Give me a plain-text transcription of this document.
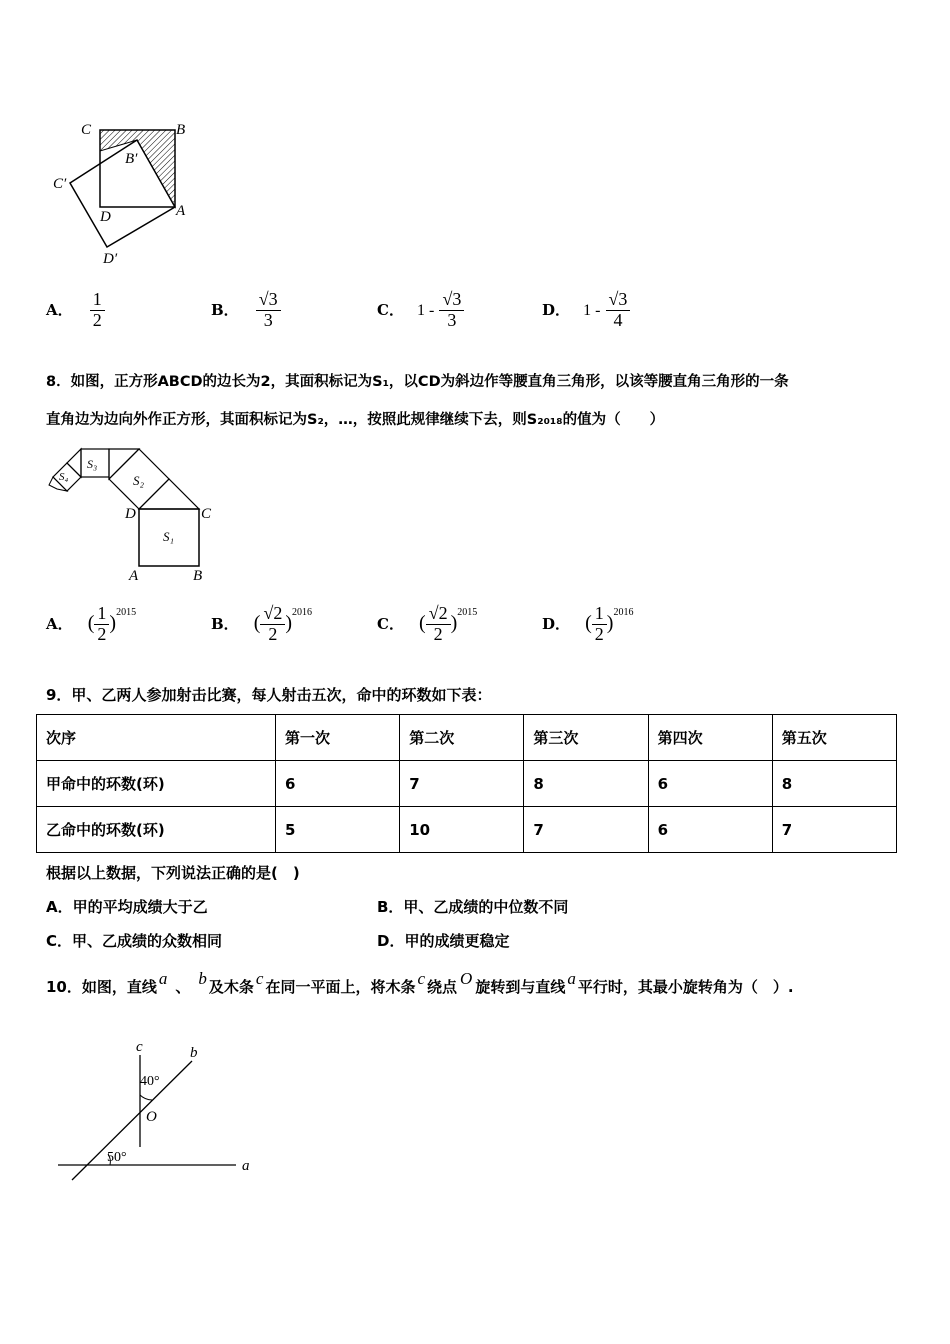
C	B
B′
C′
D	A
D′
A． $\frac{1}{2}$	B． $\frac{√3}{3}$	C． $1 - \frac{√3}{3}$	D． $1 - \frac{√3}{4}$
8．如图，正方形ABCD的边长为2，其面积标记为S₁，以CD为斜边作等腰直角三角形，以该等腰直角三角形的一条
直角边为边向外作正方形，其面积标记为S₂，…，按照此规律继续下去，则S₂₀₁₈的值为（　　）
S₃
S₄	S₂
S₁
D	C
A	B
A． ( $\frac{1}{2} )^{2015}$
B． ( $\frac{√2}{2} )^{2016}$
C． ( $\frac{√2}{2} )^{2015}$
D． ( $\frac{1}{2} )^{2016}$
9．甲、乙两人参加射击比赛，每人射击五次，命中的环数如下表：
次序	第一次	第二次	第三次	第四次	第五次
甲命中的环数(环)	6	7	8	6	8
乙命中的环数(环)	5	10	7	6	7
根据以上数据，下列说法正确的是(　)
A．甲的平均成绩大于乙	B．甲、乙成绩的中位数不同
C．甲、乙成绩的众数相同	D．甲的成绩更稳定
10．如图，直线 a 、 b 及木条 c 在同一平面上，将木条 c 绕点 O 旋转到与直线 a 平行时，其最小旋转角为（　）.
c	b
40°
O
50°
a
